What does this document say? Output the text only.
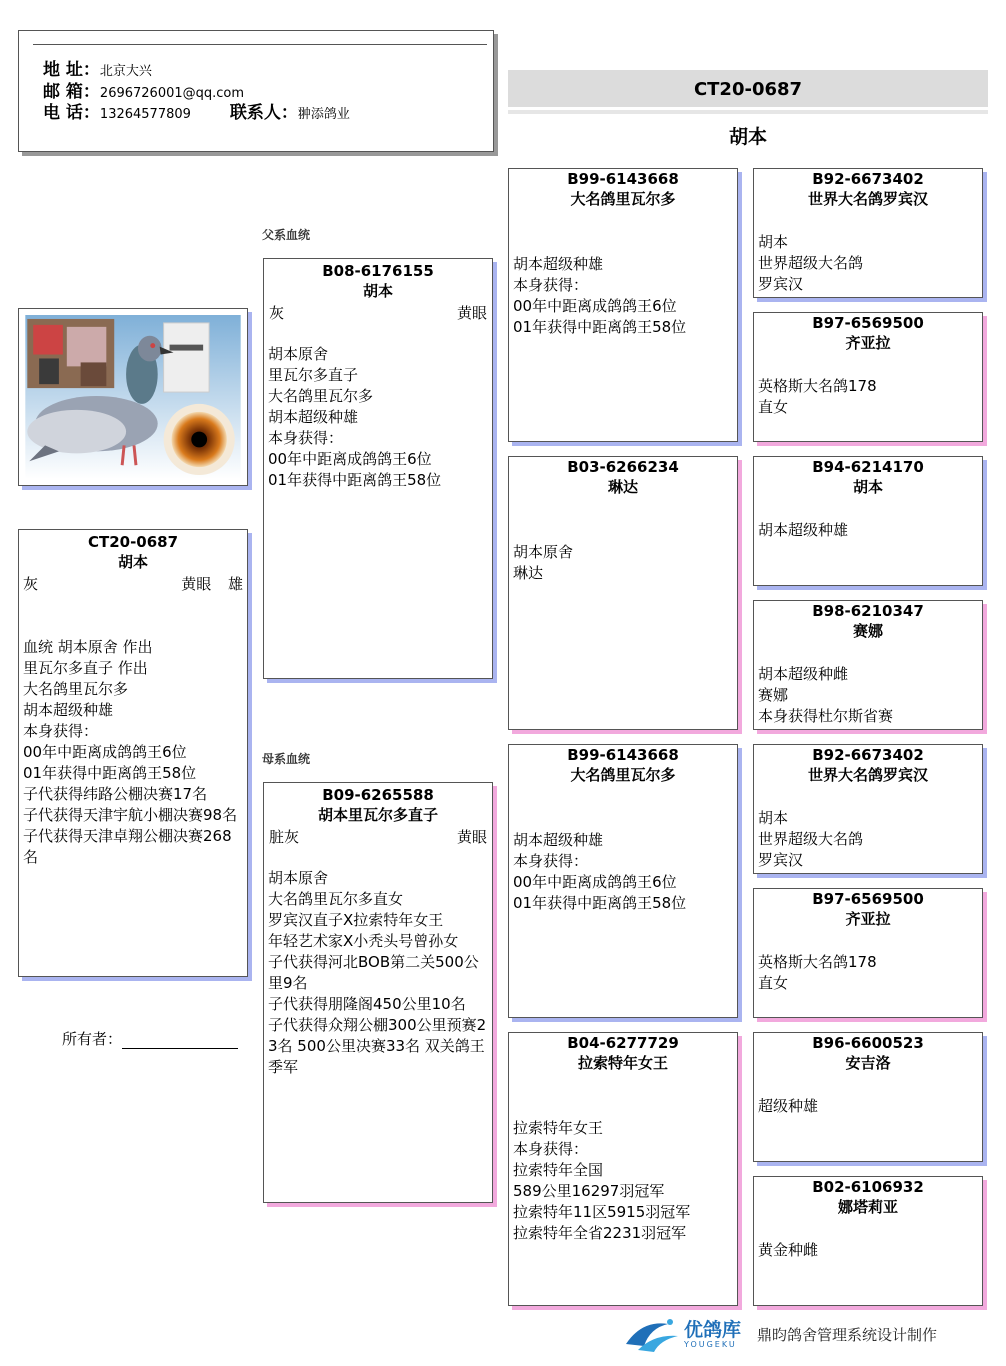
地 址： 北京大兴
邮 箱： 2696726001@qq.com
电 话： 13264577809	联系人： 翀添鸽业
CT20-0687
胡本
父系血统
母系血统
CT20-0687
胡本
灰	黄眼 雄
血统 胡本原舍 作出
里瓦尔多直子 作出
大名鸽里瓦尔多
胡本超级种雄
本身获得：
00年中距离成鸽鸽王6位
01年获得中距离鸽王58位
子代获得纬路公棚决赛17名
子代获得天津宇航小棚决赛98名
子代获得天津卓翔公棚决赛268名
所有者：
B08-6176155
胡本
灰	黄眼
胡本原舍
里瓦尔多直子
大名鸽里瓦尔多
胡本超级种雄
本身获得：
00年中距离成鸽鸽王6位
01年获得中距离鸽王58位
B09-6265588
胡本里瓦尔多直子
脏灰	黄眼
胡本原舍
大名鸽里瓦尔多直女
罗宾汉直子X拉索特年女王
年轻艺术家X小秃头号曾孙女
子代获得河北BOB第二关500公里9名
子代获得朋隆阁450公里10名
子代获得众翔公棚300公里预赛23名 500公里决赛33名 双关鸽王季军
B99-6143668
大名鸽里瓦尔多
胡本超级种雄
本身获得：
00年中距离成鸽鸽王6位
01年获得中距离鸽王58位
B03-6266234
琳达
胡本原舍
琳达
B99-6143668
大名鸽里瓦尔多
胡本超级种雄
本身获得：
00年中距离成鸽鸽王6位
01年获得中距离鸽王58位
B04-6277729
拉索特年女王
拉索特年女王
本身获得：
拉索特年全国
589公里16297羽冠军
拉索特年11区5915羽冠军
拉索特年全省2231羽冠军
B92-6673402
世界大名鸽罗宾汉
胡本
世界超级大名鸽
罗宾汉
B97-6569500
齐亚拉
英格斯大名鸽178
直女
B94-6214170
胡本
胡本超级种雄
B98-6210347
赛娜
胡本超级种雌
赛娜
本身获得杜尔斯省赛
B92-6673402
世界大名鸽罗宾汉
胡本
世界超级大名鸽
罗宾汉
B97-6569500
齐亚拉
英格斯大名鸽178
直女
B96-6600523
安吉洛
超级种雄
B02-6106932
娜塔莉亚
黄金种雌
优鸽库
YOUGEKU
鼎昀鸽舍管理系统设计制作
